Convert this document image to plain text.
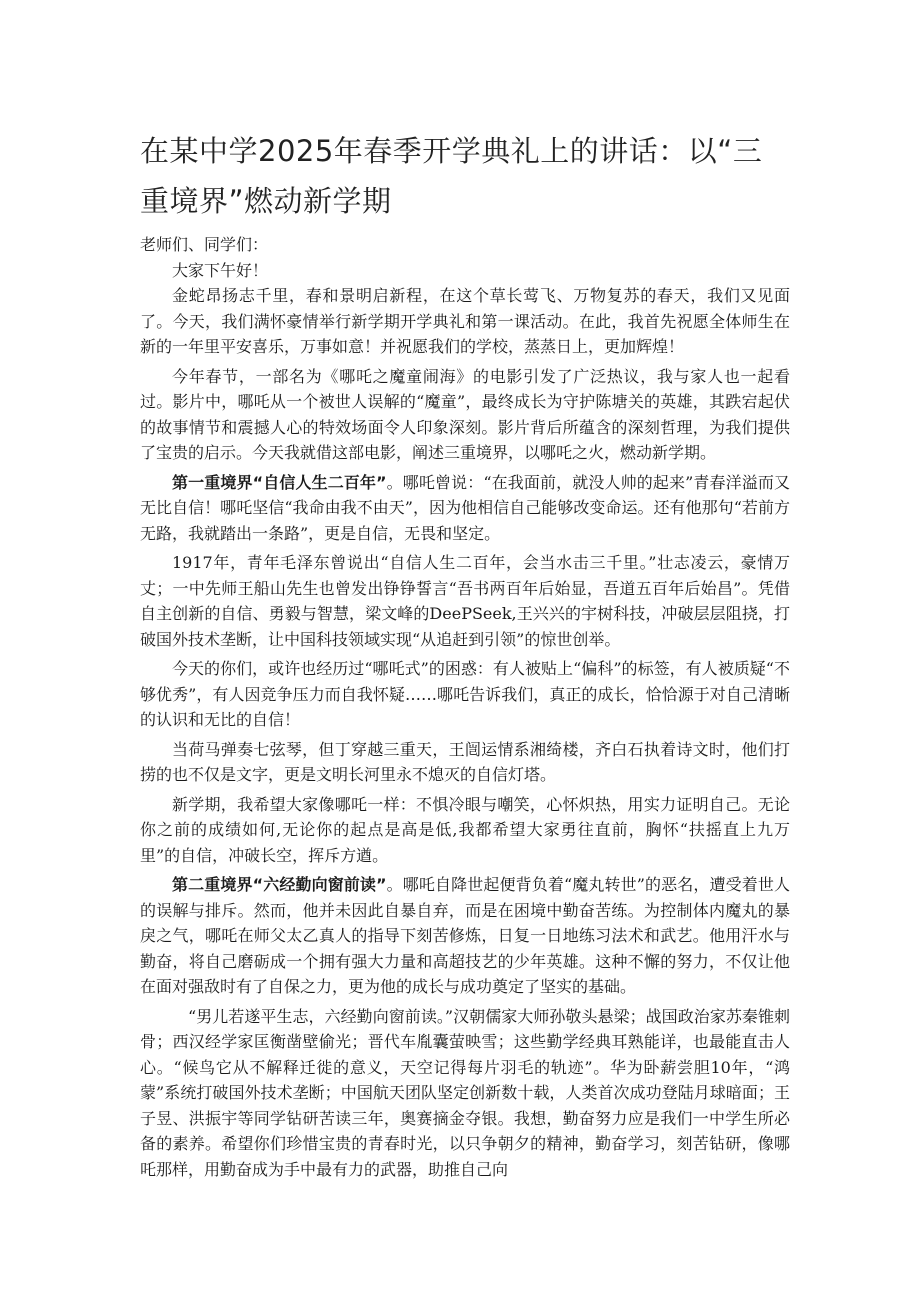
在某中学2025年春季开学典礼上的讲话：以“三重境界”燃动新学期

老师们、同学们：

大家下午好！

金蛇昂扬志千里，春和景明启新程，在这个草长莺飞、万物复苏的春天，我们又见面了。今天，我们满怀豪情举行新学期开学典礼和第一课活动。在此，我首先祝愿全体师生在新的一年里平安喜乐，万事如意！并祝愿我们的学校，蒸蒸日上，更加辉煌！

今年春节，一部名为《哪吒之魔童闹海》的电影引发了广泛热议，我与家人也一起看过。影片中，哪吒从一个被世人误解的“魔童”，最终成长为守护陈塘关的英雄，其跌宕起伏的故事情节和震撼人心的特效场面令人印象深刻。影片背后所蕴含的深刻哲理，为我们提供了宝贵的启示。今天我就借这部电影，阐述三重境界，以哪吒之火，燃动新学期。

第一重境界“自信人生二百年”。哪吒曾说：“在我面前，就没人帅的起来”青春洋溢而又无比自信！哪吒坚信“我命由我不由天”，因为他相信自己能够改变命运。还有他那句“若前方无路，我就踏出一条路”，更是自信，无畏和坚定。

1917年，青年毛泽东曾说出“自信人生二百年，会当水击三千里。”壮志凌云，豪情万丈；一中先师王船山先生也曾发出铮铮誓言“吾书两百年后始显，吾道五百年后始昌”。凭借自主创新的自信、勇毅与智慧，梁文峰的DeePSeek,王兴兴的宇树科技，冲破层层阻挠，打破国外技术垄断，让中国科技领域实现“从追赶到引领”的惊世创举。

今天的你们，或许也经历过“哪吒式”的困惑：有人被贴上“偏科”的标签，有人被质疑“不够优秀”，有人因竞争压力而自我怀疑……哪吒告诉我们，真正的成长，恰恰源于对自己清晰的认识和无比的自信！

当荷马弹奏七弦琴，但丁穿越三重天，王闿运情系湘绮楼，齐白石执着诗文时，他们打捞的也不仅是文字，更是文明长河里永不熄灭的自信灯塔。

新学期，我希望大家像哪吒一样：不惧冷眼与嘲笑，心怀炽热，用实力证明自己。无论你之前的成绩如何,无论你的起点是高是低,我都希望大家勇往直前，胸怀“扶摇直上九万里”的自信，冲破长空，挥斥方遒。

第二重境界“六经勤向窗前读”。哪吒自降世起便背负着“魔丸转世”的恶名，遭受着世人的误解与排斥。然而，他并未因此自暴自弃，而是在困境中勤奋苦练。为控制体内魔丸的暴戾之气，哪吒在师父太乙真人的指导下刻苦修炼，日复一日地练习法术和武艺。他用汗水与勤奋，将自己磨砺成一个拥有强大力量和高超技艺的少年英雄。这种不懈的努力，不仅让他在面对强敌时有了自保之力，更为他的成长与成功奠定了坚实的基础。

“男儿若遂平生志，六经勤向窗前读。”汉朝儒家大师孙敬头悬梁；战国政治家苏秦锥刺骨；西汉经学家匡衡凿壁偷光；晋代车胤囊萤映雪；这些勤学经典耳熟能详，也最能直击人心。“候鸟它从不解释迁徙的意义，天空记得每片羽毛的轨迹”。华为卧薪尝胆10年，“鸿蒙”系统打破国外技术垄断；中国航天团队坚定创新数十载，人类首次成功登陆月球暗面；王子昱、洪振宇等同学钻研苦读三年，奥赛摘金夺银。我想，勤奋努力应是我们一中学生所必备的素养。希望你们珍惜宝贵的青春时光，以只争朝夕的精神，勤奋学习，刻苦钻研，像哪吒那样，用勤奋成为手中最有力的武器，助推自己向
